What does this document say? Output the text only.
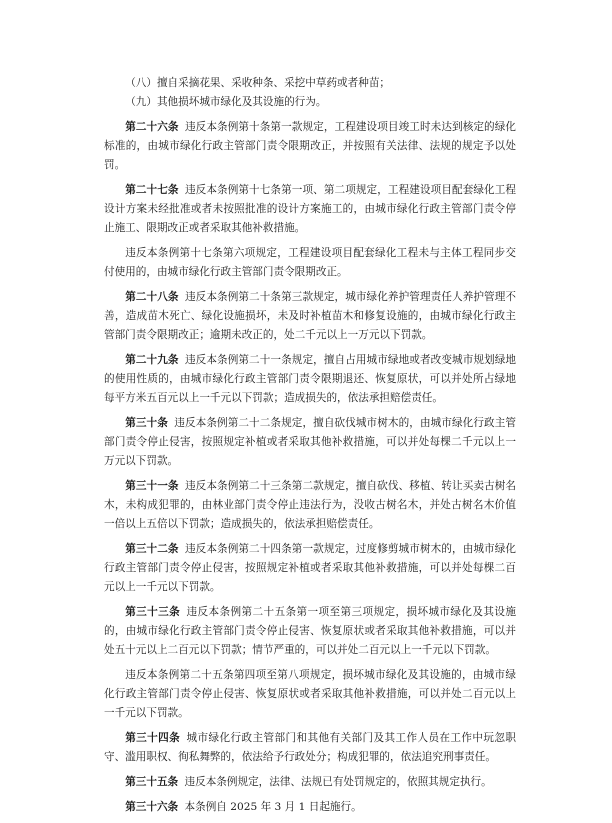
（八）擅自采摘花果、采收种条、采挖中草药或者种苗；

（九）其他损坏城市绿化及其设施的行为。

第二十六条 违反本条例第十条第一款规定，工程建设项目竣工时未达到核定的绿化标准的，由城市绿化行政主管部门责令限期改正，并按照有关法律、法规的规定予以处罚。

第二十七条 违反本条例第十七条第一项、第二项规定，工程建设项目配套绿化工程设计方案未经批准或者未按照批准的设计方案施工的，由城市绿化行政主管部门责令停止施工、限期改正或者采取其他补救措施。

违反本条例第十七条第六项规定，工程建设项目配套绿化工程未与主体工程同步交付使用的，由城市绿化行政主管部门责令限期改正。

第二十八条 违反本条例第二十条第三款规定，城市绿化养护管理责任人养护管理不善，造成苗木死亡、绿化设施损坏，未及时补植苗木和修复设施的，由城市绿化行政主管部门责令限期改正；逾期未改正的，处二千元以上一万元以下罚款。

第二十九条 违反本条例第二十一条规定，擅自占用城市绿地或者改变城市规划绿地的使用性质的，由城市绿化行政主管部门责令限期退还、恢复原状，可以并处所占绿地每平方米五百元以上一千元以下罚款；造成损失的，依法承担赔偿责任。

第三十条 违反本条例第二十二条规定，擅自砍伐城市树木的，由城市绿化行政主管部门责令停止侵害，按照规定补植或者采取其他补救措施，可以并处每棵二千元以上一万元以下罚款。

第三十一条 违反本条例第二十三条第二款规定，擅自砍伐、移植、转让买卖古树名木，未构成犯罪的，由林业部门责令停止违法行为，没收古树名木，并处古树名木价值一倍以上五倍以下罚款；造成损失的，依法承担赔偿责任。

第三十二条 违反本条例第二十四条第一款规定，过度修剪城市树木的，由城市绿化行政主管部门责令停止侵害，按照规定补植或者采取其他补救措施，可以并处每棵二百元以上一千元以下罚款。

第三十三条 违反本条例第二十五条第一项至第三项规定，损坏城市绿化及其设施的，由城市绿化行政主管部门责令停止侵害、恢复原状或者采取其他补救措施，可以并处五十元以上二百元以下罚款；情节严重的，可以并处二百元以上一千元以下罚款。

违反本条例第二十五条第四项至第八项规定，损坏城市绿化及其设施的，由城市绿化行政主管部门责令停止侵害、恢复原状或者采取其他补救措施，可以并处二百元以上一千元以下罚款。

第三十四条 城市绿化行政主管部门和其他有关部门及其工作人员在工作中玩忽职守、滥用职权、徇私舞弊的，依法给予行政处分；构成犯罪的，依法追究刑事责任。

第三十五条 违反本条例规定，法律、法规已有处罚规定的，依照其规定执行。

第三十六条 本条例自 2025 年 3 月 1 日起施行。
